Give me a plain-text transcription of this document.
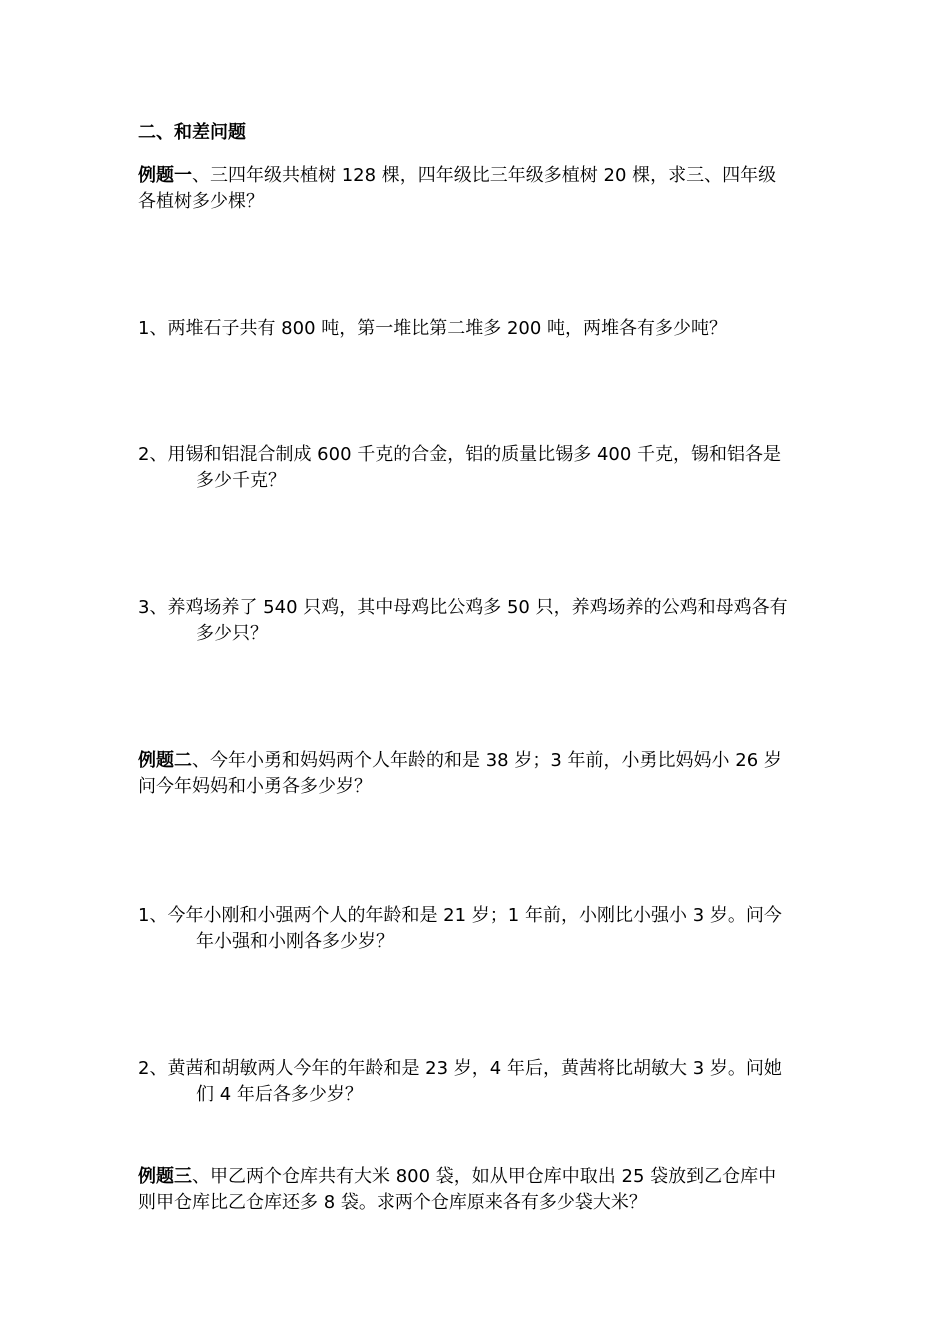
二、和差问题
例题一、三四年级共植树 128 棵，四年级比三年级多植树 20 棵，求三、四年级
各植树多少棵？
1、两堆石子共有 800 吨，第一堆比第二堆多 200 吨，两堆各有多少吨？
2、用锡和铝混合制成 600 千克的合金，铝的质量比锡多 400 千克，锡和铝各是
多少千克？
3、养鸡场养了 540 只鸡，其中母鸡比公鸡多 50 只，养鸡场养的公鸡和母鸡各有
多少只？
例题二、今年小勇和妈妈两个人年龄的和是 38 岁；3 年前，小勇比妈妈小 26 岁
问今年妈妈和小勇各多少岁？
1、今年小刚和小强两个人的年龄和是 21 岁；1 年前，小刚比小强小 3 岁。问今
年小强和小刚各多少岁？
2、黄茜和胡敏两人今年的年龄和是 23 岁，4 年后，黄茜将比胡敏大 3 岁。问她
们 4 年后各多少岁？
例题三、甲乙两个仓库共有大米 800 袋，如从甲仓库中取出 25 袋放到乙仓库中
则甲仓库比乙仓库还多 8 袋。求两个仓库原来各有多少袋大米？
